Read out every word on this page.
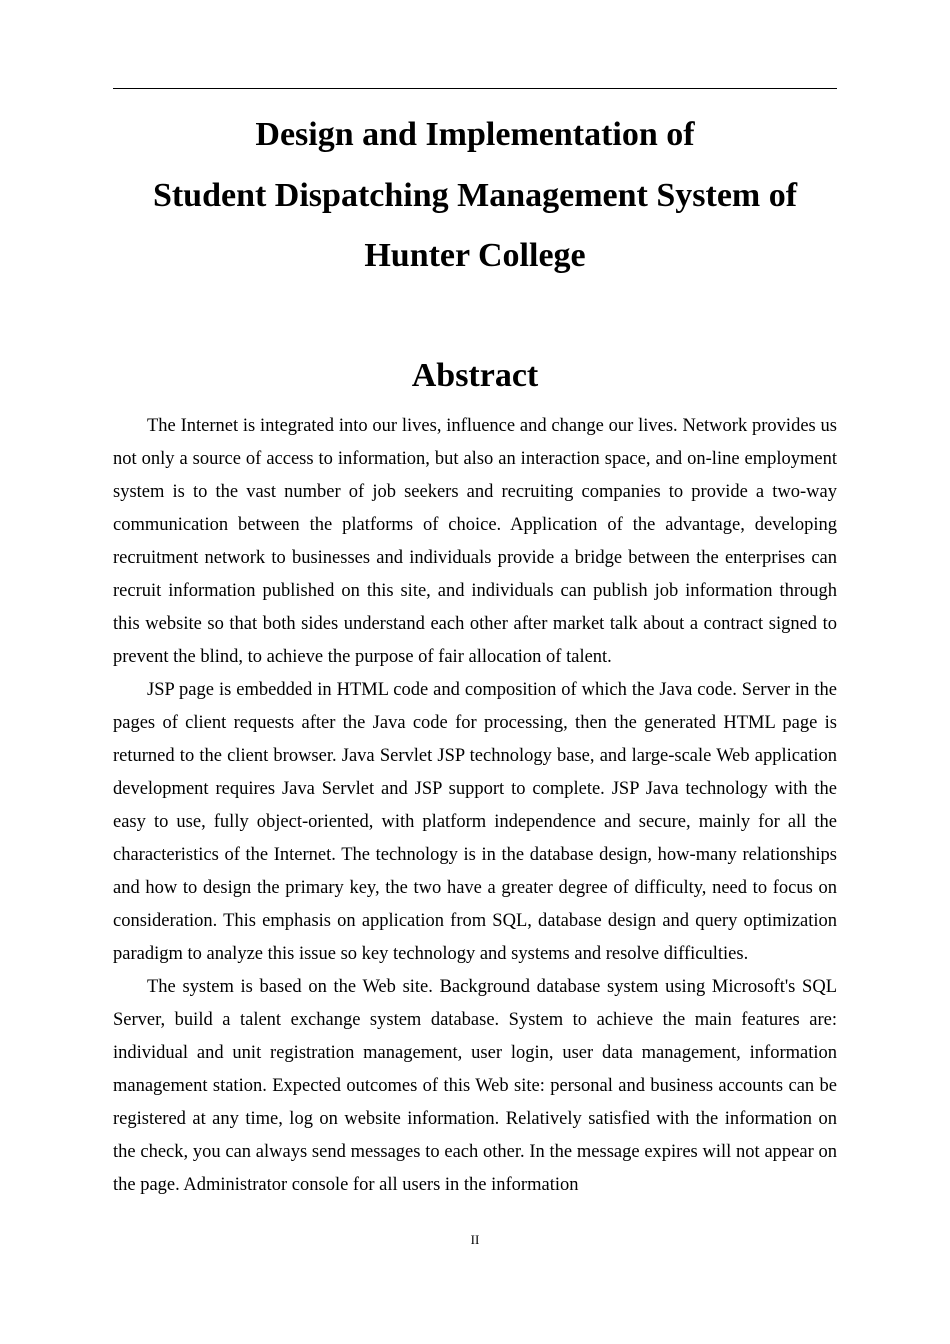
Design and Implementation of
Student Dispatching Management System of
Hunter College
Abstract

The Internet is integrated into our lives, influence and change our lives. Network provides us not only a source of access to information, but also an interaction space, and on-line employment system is to the vast number of job seekers and recruiting companies to provide a two-way communication between the platforms of choice. Application of the advantage, developing recruitment network to businesses and individuals provide a bridge between the enterprises can recruit information published on this site, and individuals can publish job information through this website so that both sides understand each other after market talk about a contract signed to prevent the blind, to achieve the purpose of fair allocation of talent.

JSP page is embedded in HTML code and composition of which the Java code. Server in the pages of client requests after the Java code for processing, then the generated HTML page is returned to the client browser. Java Servlet JSP technology base, and large-scale Web application development requires Java Servlet and JSP support to complete. JSP Java technology with the easy to use, fully object-oriented, with platform independence and secure, mainly for all the characteristics of the Internet. The technology is in the database design, how-many relationships and how to design the primary key, the two have a greater degree of difficulty, need to focus on consideration. This emphasis on application from SQL, database design and query optimization paradigm to analyze this issue so key technology and systems and resolve difficulties.

The system is based on the Web site. Background database system using Microsoft's SQL Server, build a talent exchange system database. System to achieve the main features are: individual and unit registration management, user login, user data management, information management station. Expected outcomes of this Web site: personal and business accounts can be registered at any time, log on website information. Relatively satisfied with the information on the check, you can always send messages to each other. In the message expires will not appear on the page. Administrator console for all users in the information

II
